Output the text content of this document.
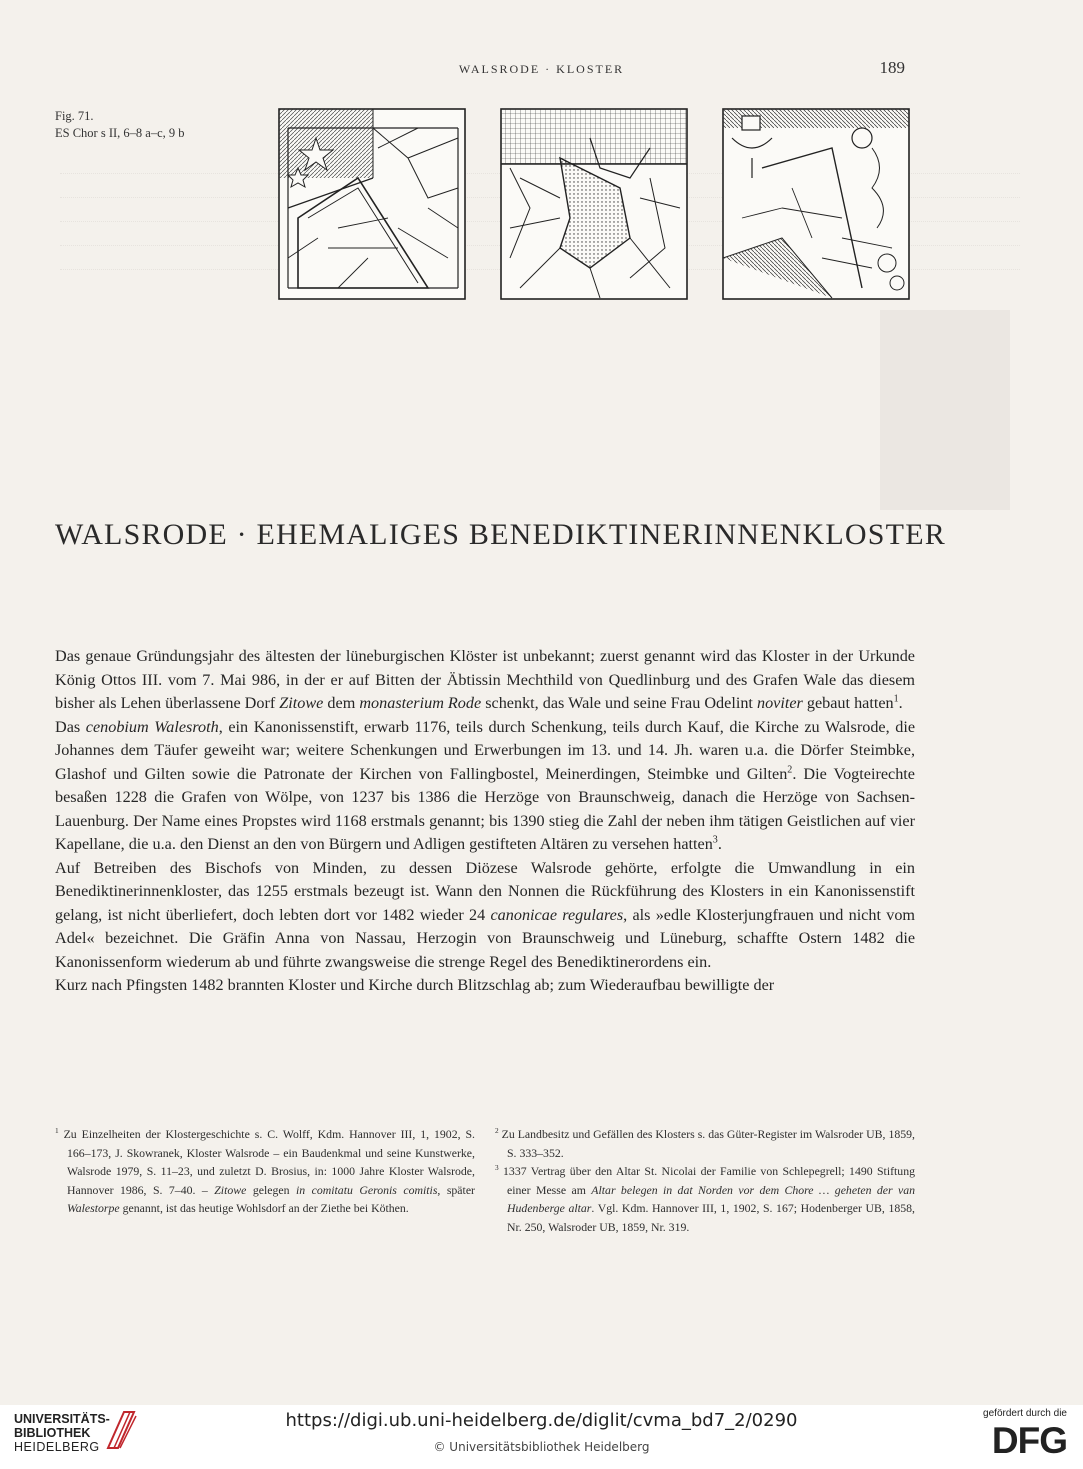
WALSRODE · KLOSTER	189
Fig. 71.
ES Chor s II, 6–8 a–c, 9 b
WALSRODE · EHEMALIGES BENEDIKTINERINNENKLOSTER

Das genaue Gründungsjahr des ältesten der lüneburgischen Klöster ist unbekannt; zuerst genannt wird das Kloster in der Urkunde König Ottos III. vom 7. Mai 986, in der er auf Bitten der Äbtissin Mechthild von Quedlinburg und des Grafen Wale das diesem bisher als Lehen überlassene Dorf Zitowe dem monasterium Rode schenkt, das Wale und seine Frau Odelint noviter gebaut hatten$^1$.

Das cenobium Walesroth, ein Kanonissenstift, erwarb 1176, teils durch Schenkung, teils durch Kauf, die Kirche zu Walsrode, die Johannes dem Täufer geweiht war; weitere Schenkungen und Erwerbungen im 13. und 14. Jh. waren u.a. die Dörfer Steimbke, Glashof und Gilten sowie die Patronate der Kirchen von Fallingbostel, Meinerdingen, Steimbke und Gilten$^2$. Die Vogteirechte besaßen 1228 die Grafen von Wölpe, von 1237 bis 1386 die Herzöge von Braunschweig, danach die Herzöge von Sachsen-Lauenburg. Der Name eines Propstes wird 1168 erstmals genannt; bis 1390 stieg die Zahl der neben ihm tätigen Geistlichen auf vier Kapellane, die u.a. den Dienst an den von Bürgern und Adligen gestifteten Altären zu versehen hatten$^3$.

Auf Betreiben des Bischofs von Minden, zu dessen Diözese Walsrode gehörte, erfolgte die Umwandlung in ein Benediktinerinnenkloster, das 1255 erstmals bezeugt ist. Wann den Nonnen die Rückführung des Klosters in ein Kanonissenstift gelang, ist nicht überliefert, doch lebten dort vor 1482 wieder 24 canonicae regulares, als »edle Klosterjungfrauen und nicht vom Adel« bezeichnet. Die Gräfin Anna von Nassau, Herzogin von Braunschweig und Lüneburg, schaffte Ostern 1482 die Kanonissenform wiederum ab und führte zwangsweise die strenge Regel des Benediktinerordens ein.

Kurz nach Pfingsten 1482 brannten Kloster und Kirche durch Blitzschlag ab; zum Wiederaufbau bewilligte der

$^1$ Zu Einzelheiten der Klostergeschichte s. C. Wolff, Kdm. Hannover III, 1, 1902, S. 166–173, J. Skowranek, Kloster Walsrode – ein Baudenkmal und seine Kunstwerke, Walsrode 1979, S. 11–23, und zuletzt D. Brosius, in: 1000 Jahre Kloster Walsrode, Hannover 1986, S. 7–40. – Zitowe gelegen in comitatu Geronis comitis, später Walestorpe genannt, ist das heutige Wohlsdorf an der Ziethe bei Köthen.

$^2$ Zu Landbesitz und Gefällen des Klosters s. das Güter-Register im Walsroder UB, 1859, S. 333–352.

$^3$ 1337 Vertrag über den Altar St. Nicolai der Familie von Schlepegrell; 1490 Stiftung einer Messe am Altar belegen in dat Norden vor dem Chore … geheten der van Hudenberge altar. Vgl. Kdm. Hannover III, 1, 1902, S. 167; Hodenberger UB, 1858, Nr. 250, Walsroder UB, 1859, Nr. 319.

UNIVERSITÄTS-
BIBLIOTHEK
HEIDELBERG
https://digi.ub.uni-heidelberg.de/diglit/cvma_bd7_2/0290
© Universitätsbibliothek Heidelberg
gefördert durch die
DFG
